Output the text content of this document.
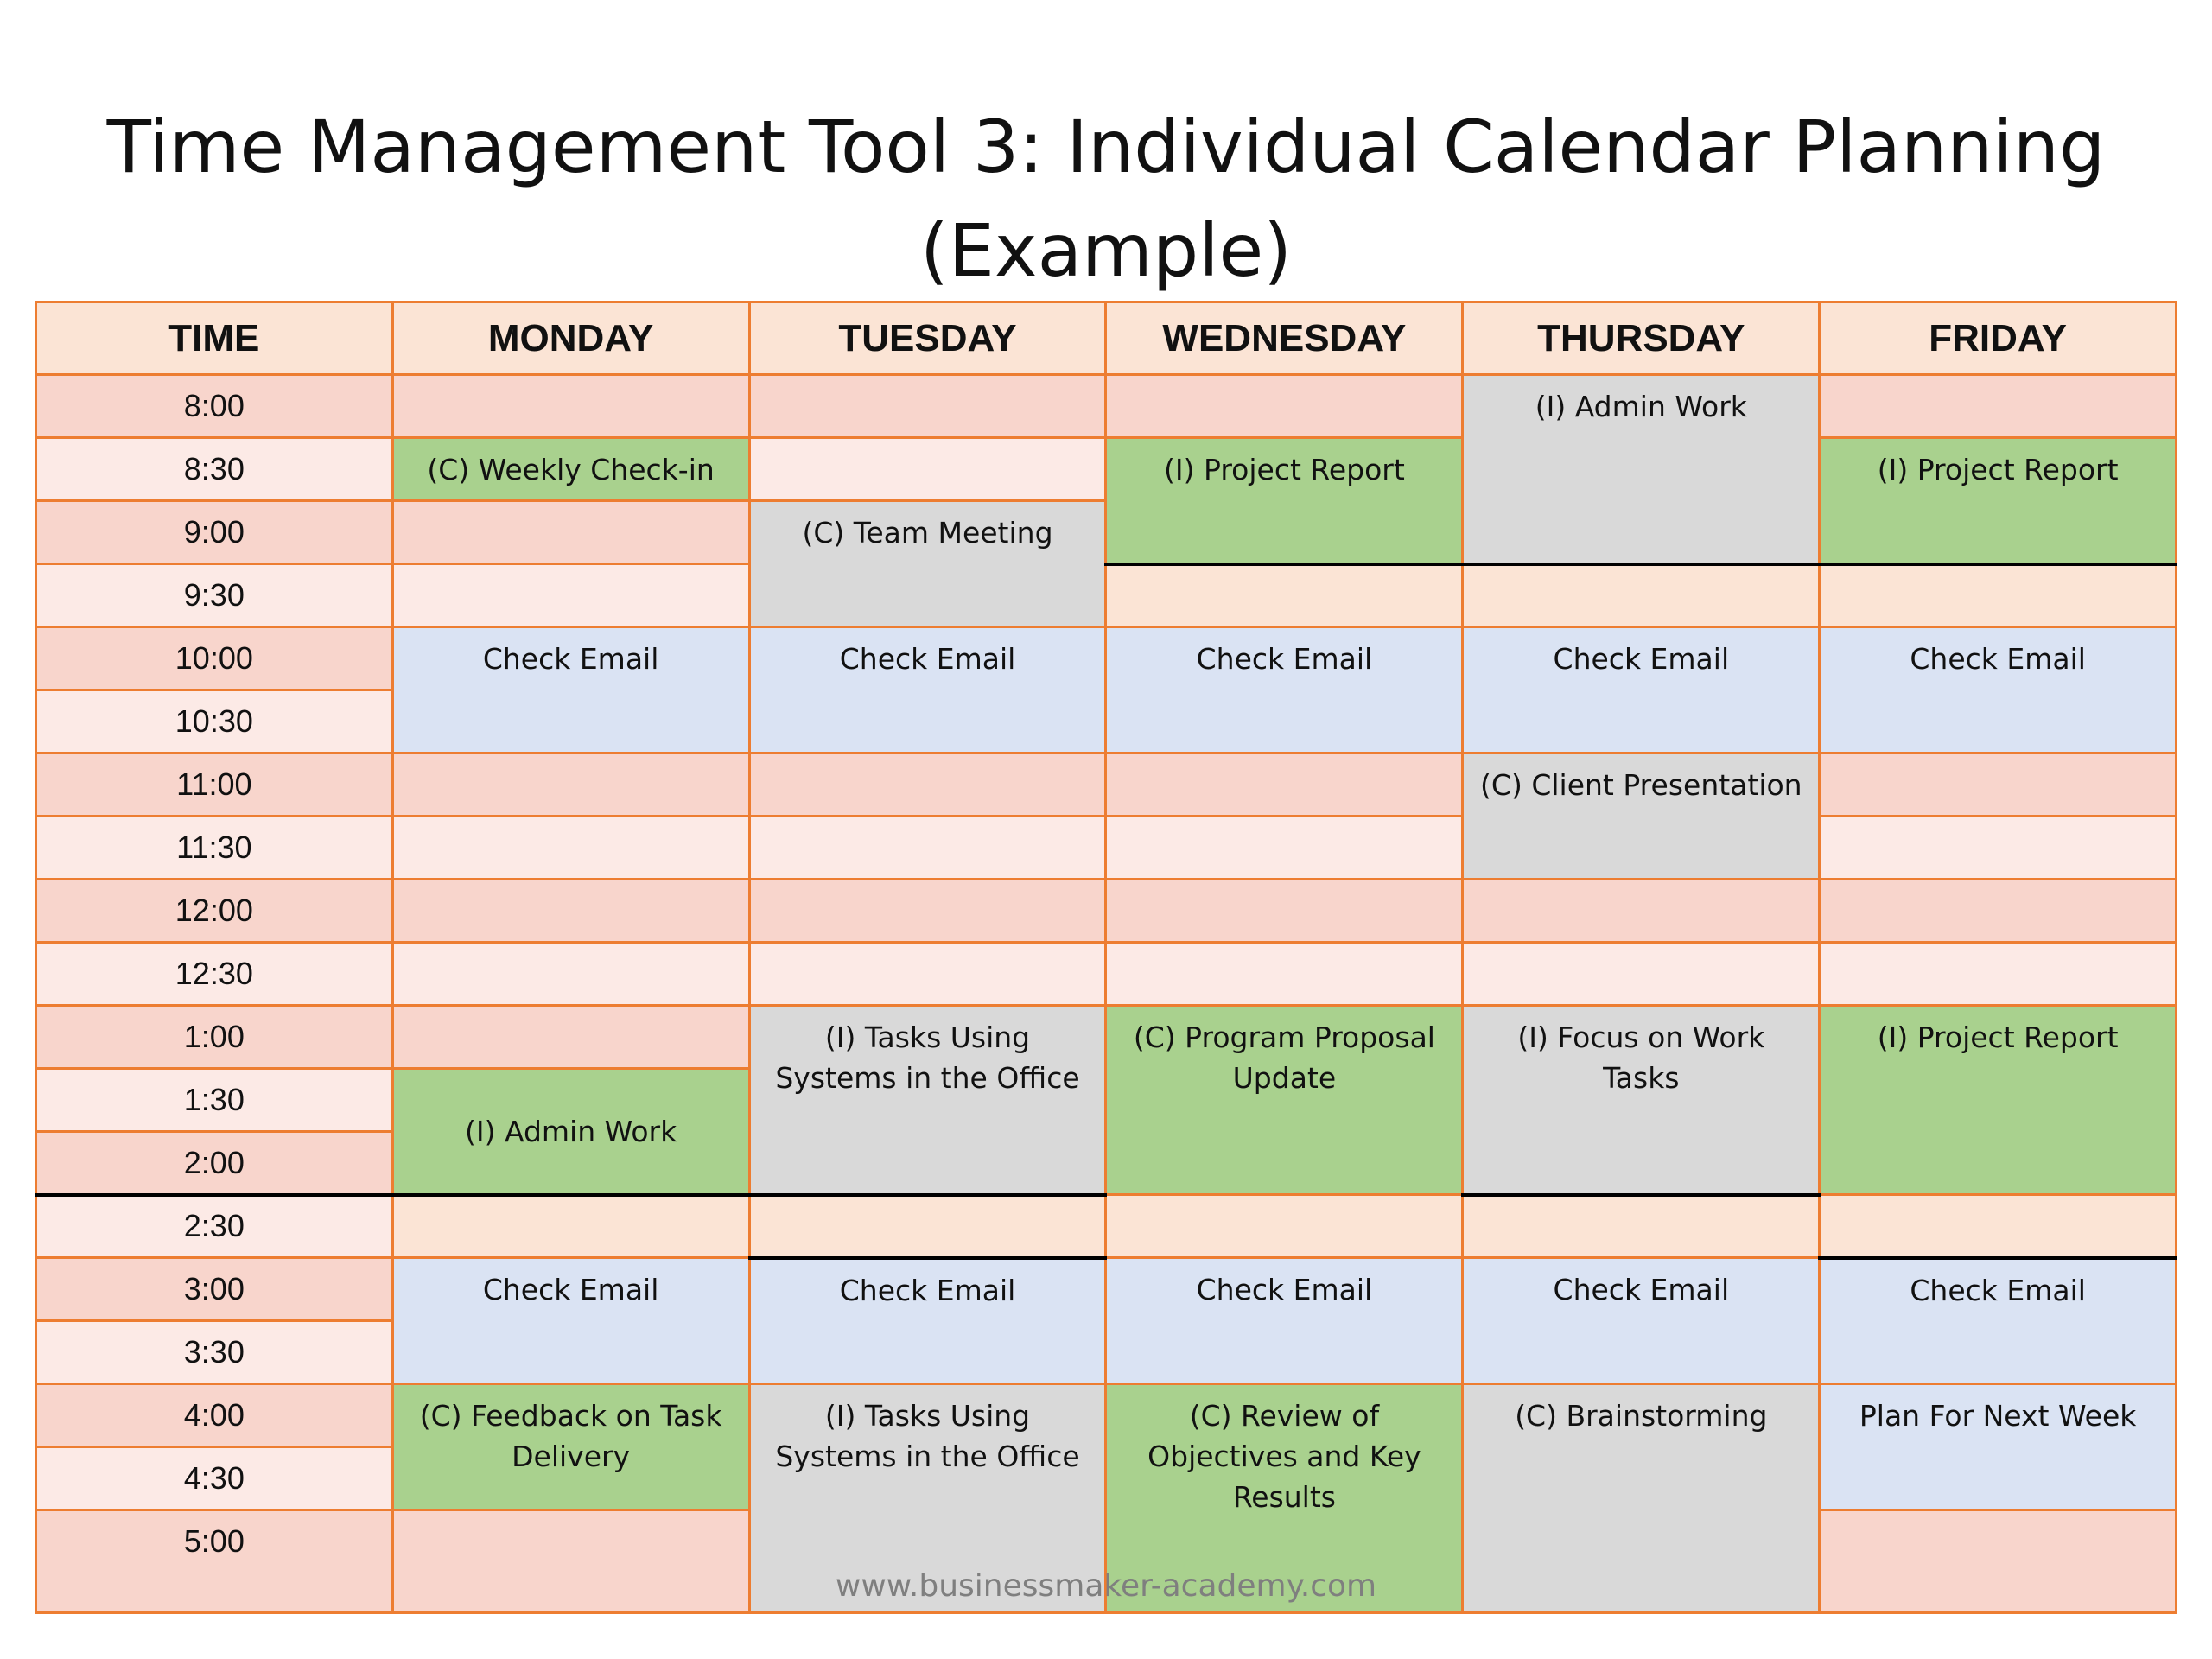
Time Management Tool 3: Individual Calendar Planning
(Example)
TIME	MONDAY	TUESDAY	WEDNESDAY	THURSDAY	FRIDAY
8:00				(I) Admin Work	
8:30	(C) Weekly Check-in		(I) Project Report		(I) Project Report
9:00		(C) Team Meeting			
9:30					
10:00	Check Email	Check Email	Check Email	Check Email	Check Email
10:30					
11:00				(C) Client Presentation	
11:30					
12:00					
12:30					
1:00		(I) Tasks Using Systems in the Office	(C) Program Proposal Update	(I) Focus on Work Tasks	(I) Project Report
1:30	(I) Admin Work				
2:00					
2:30					
3:00	Check Email	Check Email	Check Email	Check Email	Check Email
3:30					
4:00	(C) Feedback on Task Delivery	(I) Tasks Using Systems in the Office	(C) Review of Objectives and Key Results	(C) Brainstorming	Plan For Next Week
4:30					
5:00					
www.businessmaker-academy.com
